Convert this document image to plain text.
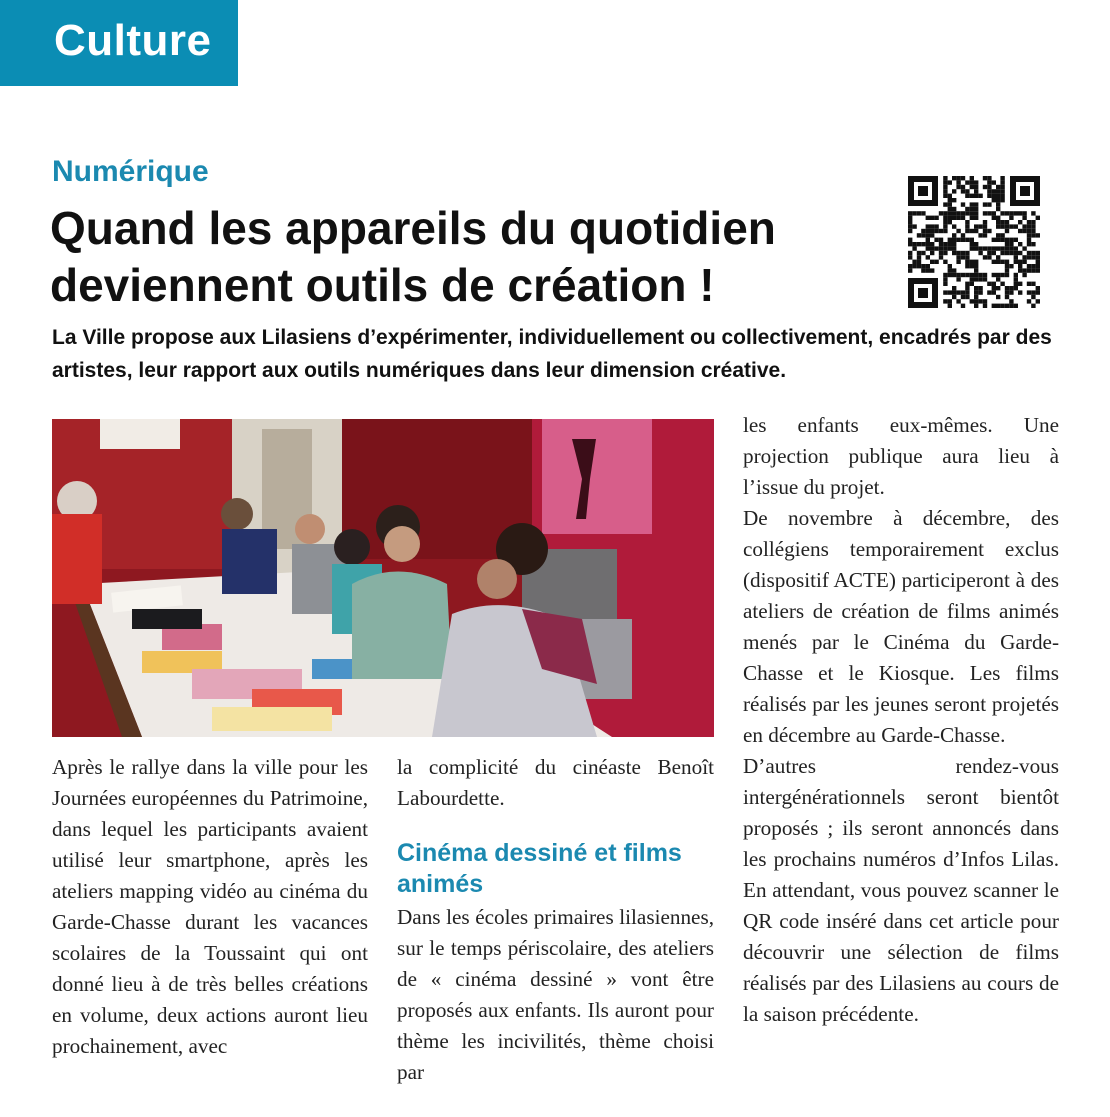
Culture
Numérique
Quand les appareils du quotidien deviennent outils de création !

La Ville propose aux Lilasiens d’expérimenter, individuellement ou collectivement, encadrés par des artistes, leur rapport aux outils numériques dans leur dimension créative.

Après le rallye dans la ville pour les Journées européennes du Patrimoine, dans lequel les participants avaient utilisé leur smartphone, après les ateliers mapping vidéo au cinéma du Garde-Chasse durant les vacances scolaires de la Toussaint qui ont donné lieu à de très belles créations en volume, deux actions auront lieu prochainement, avec

la complicité du cinéaste Benoît Labourdette.

Cinéma dessiné et films animés

Dans les écoles primaires lilasiennes, sur le temps périscolaire, des ateliers de « cinéma dessiné » vont être proposés aux enfants. Ils auront pour thème les incivilités, thème choisi par

les enfants eux-mêmes. Une projection publique aura lieu à l’issue du projet.

De novembre à décembre, des collégiens temporairement exclus (dispositif ACTE) participeront à des ateliers de création de films animés menés par le Cinéma du Garde-Chasse et le Kiosque. Les films réalisés par les jeunes seront projetés en décembre au Garde-Chasse.

D’autres rendez-vous intergénérationnels seront bientôt proposés ; ils seront annoncés dans les prochains numéros d’Infos Lilas. En attendant, vous pouvez scanner le QR code inséré dans cet article pour découvrir une sélection de films réalisés par des Lilasiens au cours de la saison précédente.
